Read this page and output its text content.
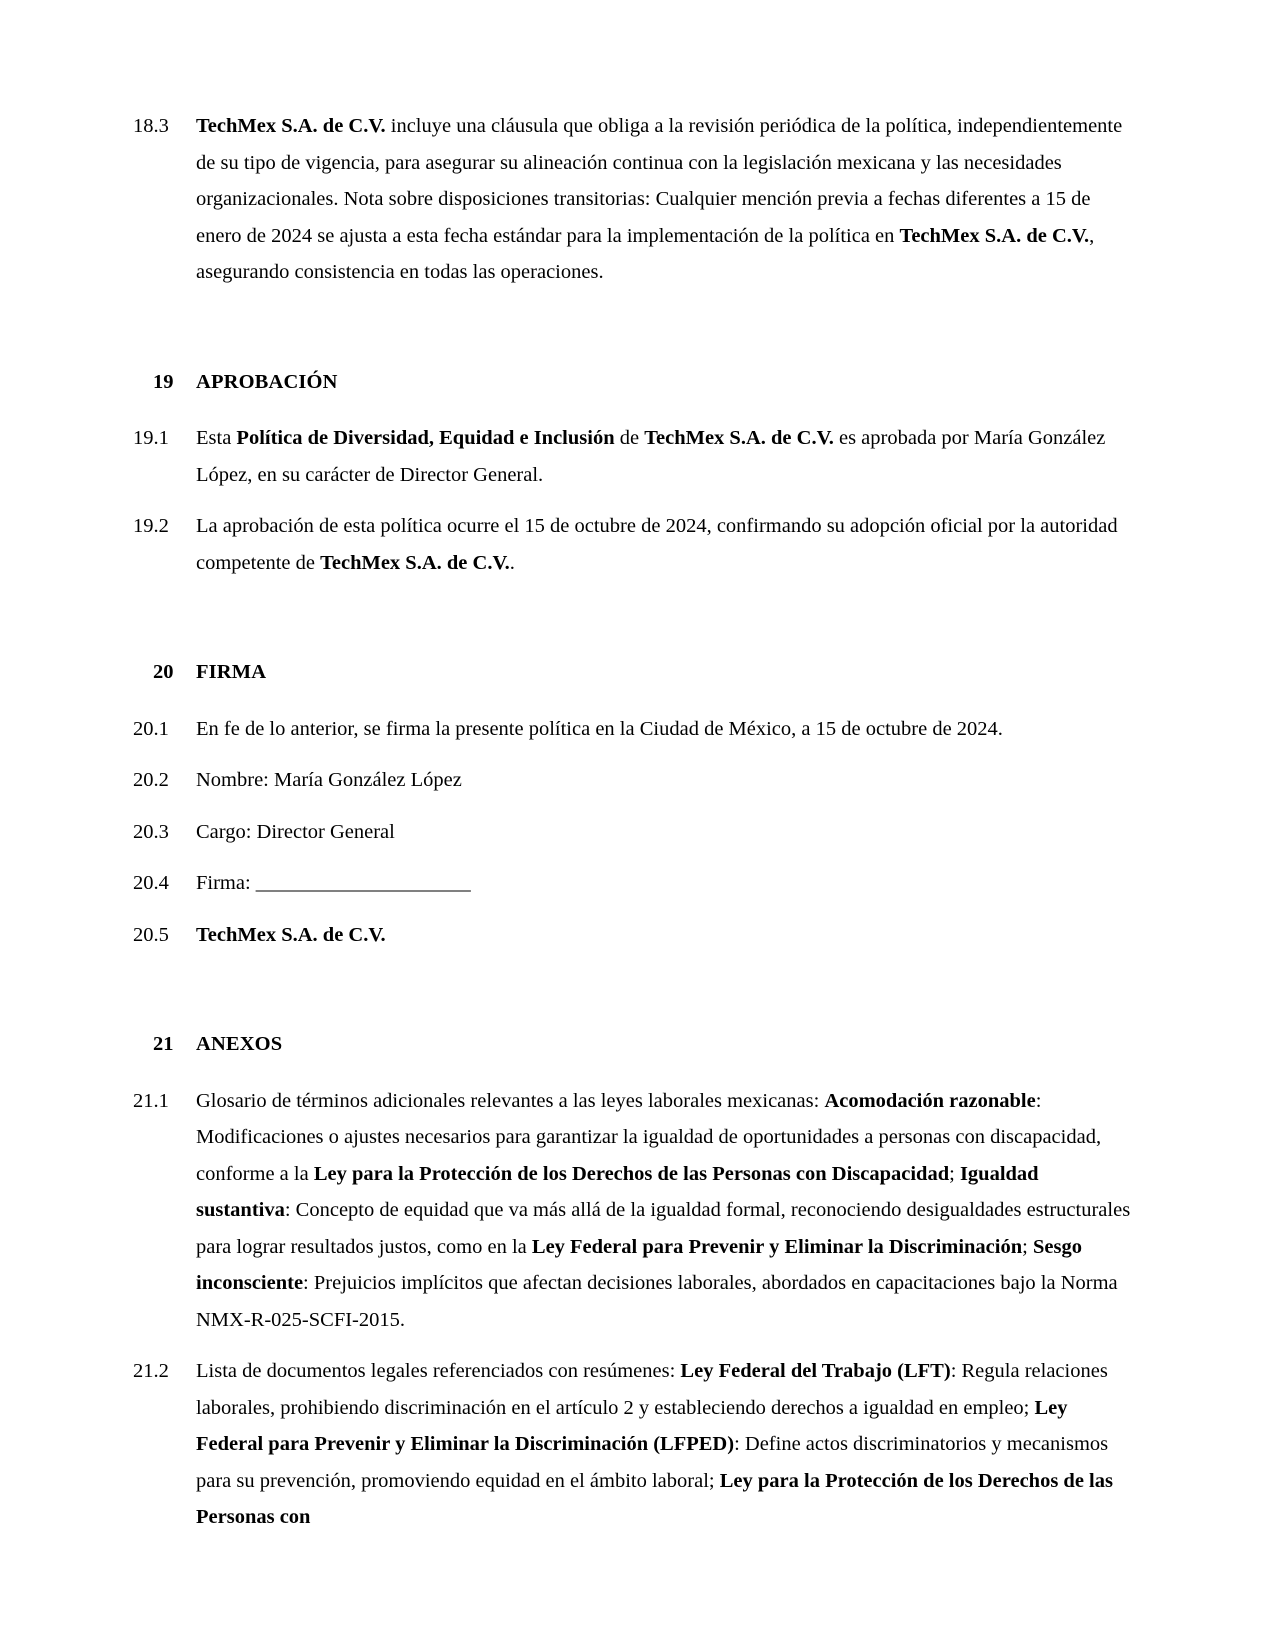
18.3	TechMex S.A. de C.V. incluye una cláusula que obliga a la revisión periódica de la política, independientemente de su tipo de vigencia, para asegurar su alineación continua con la legislación mexicana y las necesidades organizacionales. Nota sobre disposiciones transitorias: Cualquier mención previa a fechas diferentes a 15 de enero de 2024 se ajusta a esta fecha estándar para la implementación de la política en TechMex S.A. de C.V., asegurando consistencia en todas las operaciones.
19	APROBACIÓN
19.1	Esta Política de Diversidad, Equidad e Inclusión de TechMex S.A. de C.V. es aprobada por María González López, en su carácter de Director General.
19.2	La aprobación de esta política ocurre el 15 de octubre de 2024, confirmando su adopción oficial por la autoridad competente de TechMex S.A. de C.V..
20	FIRMA
20.1	En fe de lo anterior, se firma la presente política en la Ciudad de México, a 15 de octubre de 2024.
20.2	Nombre: María González López
20.3	Cargo: Director General
20.4	Firma: ______________________
20.5	TechMex S.A. de C.V.
21	ANEXOS
21.1	Glosario de términos adicionales relevantes a las leyes laborales mexicanas: Acomodación razonable: Modificaciones o ajustes necesarios para garantizar la igualdad de oportunidades a personas con discapacidad, conforme a la Ley para la Protección de los Derechos de las Personas con Discapacidad; Igualdad sustantiva: Concepto de equidad que va más allá de la igualdad formal, reconociendo desigualdades estructurales para lograr resultados justos, como en la Ley Federal para Prevenir y Eliminar la Discriminación; Sesgo inconsciente: Prejuicios implícitos que afectan decisiones laborales, abordados en capacitaciones bajo la Norma NMX-R-025-SCFI-2015.
21.2	Lista de documentos legales referenciados con resúmenes: Ley Federal del Trabajo (LFT): Regula relaciones laborales, prohibiendo discriminación en el artículo 2 y estableciendo derechos a igualdad en empleo; Ley Federal para Prevenir y Eliminar la Discriminación (LFPED): Define actos discriminatorios y mecanismos para su prevención, promoviendo equidad en el ámbito laboral; Ley para la Protección de los Derechos de las Personas con
